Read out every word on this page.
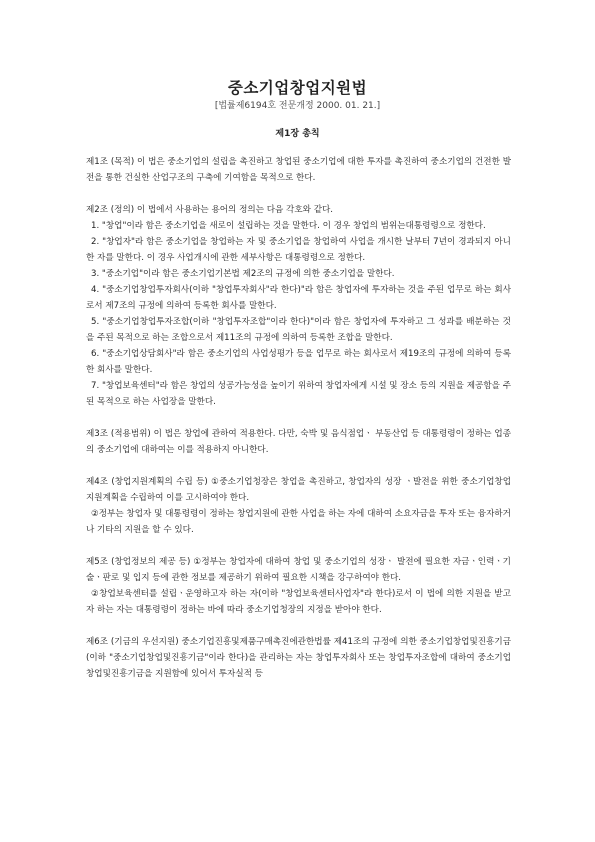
중소기업창업지원법
[법률제6194호 전문개정 2000. 01. 21.]
제1장 총칙

제1조 (목적) 이 법은 중소기업의 설립을 촉진하고 창업된 중소기업에 대한 투자를 촉진하여 중소기업의 건전한 발전을 통한 건실한 산업구조의 구축에 기여함을 목적으로 한다.

제2조 (정의) 이 법에서 사용하는 용어의 정의는 다음 각호와 같다.

1. "창업"이라 함은 중소기업을 새로이 설립하는 것을 말한다. 이 경우 창업의 범위는대통령령으로 정한다.

2. "창업자"라 함은 중소기업을 창업하는 자 및 중소기업을 창업하여 사업을 개시한 날부터 7년이 경과되지 아니한 자를 말한다. 이 경우 사업개시에 관한 세부사항은 대통령령으로 정한다.

3. "중소기업"이라 함은 중소기업기본법 제2조의 규정에 의한 중소기업을 말한다.

4. "중소기업창업투자회사(이하 "창업투자회사"라 한다)"라 함은 창업자에 투자하는 것을 주된 업무로 하는 회사로서 제7조의 규정에 의하여 등록한 회사를 말한다.

5. "중소기업창업투자조합(이하 "창업투자조합"이라 한다)"이라 함은 창업자에 투자하고 그 성과를 배분하는 것을 주된 목적으로 하는 조합으로서 제11조의 규정에 의하여 등록한 조합을 말한다.

6. "중소기업상담회사"라 함은 중소기업의 사업성평가 등을 업무로 하는 회사로서 제19조의 규정에 의하여 등록한 회사를 말한다.

7. "창업보육센터"라 함은 창업의 성공가능성을 높이기 위하여 창업자에게 시설 및 장소 등의 지원을 제공함을 주된 목적으로 하는 사업장을 말한다.

제3조 (적용범위) 이 법은 창업에 관하여 적용한다. 다만, 숙박 및 음식점업ㆍ 부동산업 등 대통령령이 정하는 업종의 중소기업에 대하여는 이를 적용하지 아니한다.

제4조 (창업지원계획의 수립 등) ①중소기업청장은 창업을 촉진하고, 창업자의 성장 ㆍ발전을 위한 중소기업창업지원계획을 수립하여 이를 고시하여야 한다.

②정부는 창업자 및 대통령령이 정하는 창업지원에 관한 사업을 하는 자에 대하여 소요자금을 투자 또는 융자하거나 기타의 지원을 할 수 있다.

제5조 (창업정보의 제공 등) ①정부는 창업자에 대하여 창업 및 중소기업의 성장ㆍ 발전에 필요한 자금ㆍ인력ㆍ기술ㆍ판로 및 입지 등에 관한 정보를 제공하기 위하여 필요한 시책을 강구하여야 한다.

②창업보육센터를 설립ㆍ운영하고자 하는 자(이하 "창업보육센터사업자"라 한다)로서 이 법에 의한 지원을 받고자 하는 자는 대통령령이 정하는 바에 따라 중소기업청장의 지정을 받아야 한다.

제6조 (기금의 우선지원) 중소기업진흥및제품구매촉진에관한법률 제41조의 규정에 의한 중소기업창업및진흥기금(이하 "중소기업창업및진흥기금"이라 한다)을 관리하는 자는 창업투자회사 또는 창업투자조합에 대하여 중소기업창업및진흥기금을 지원함에 있어서 투자실적 등
